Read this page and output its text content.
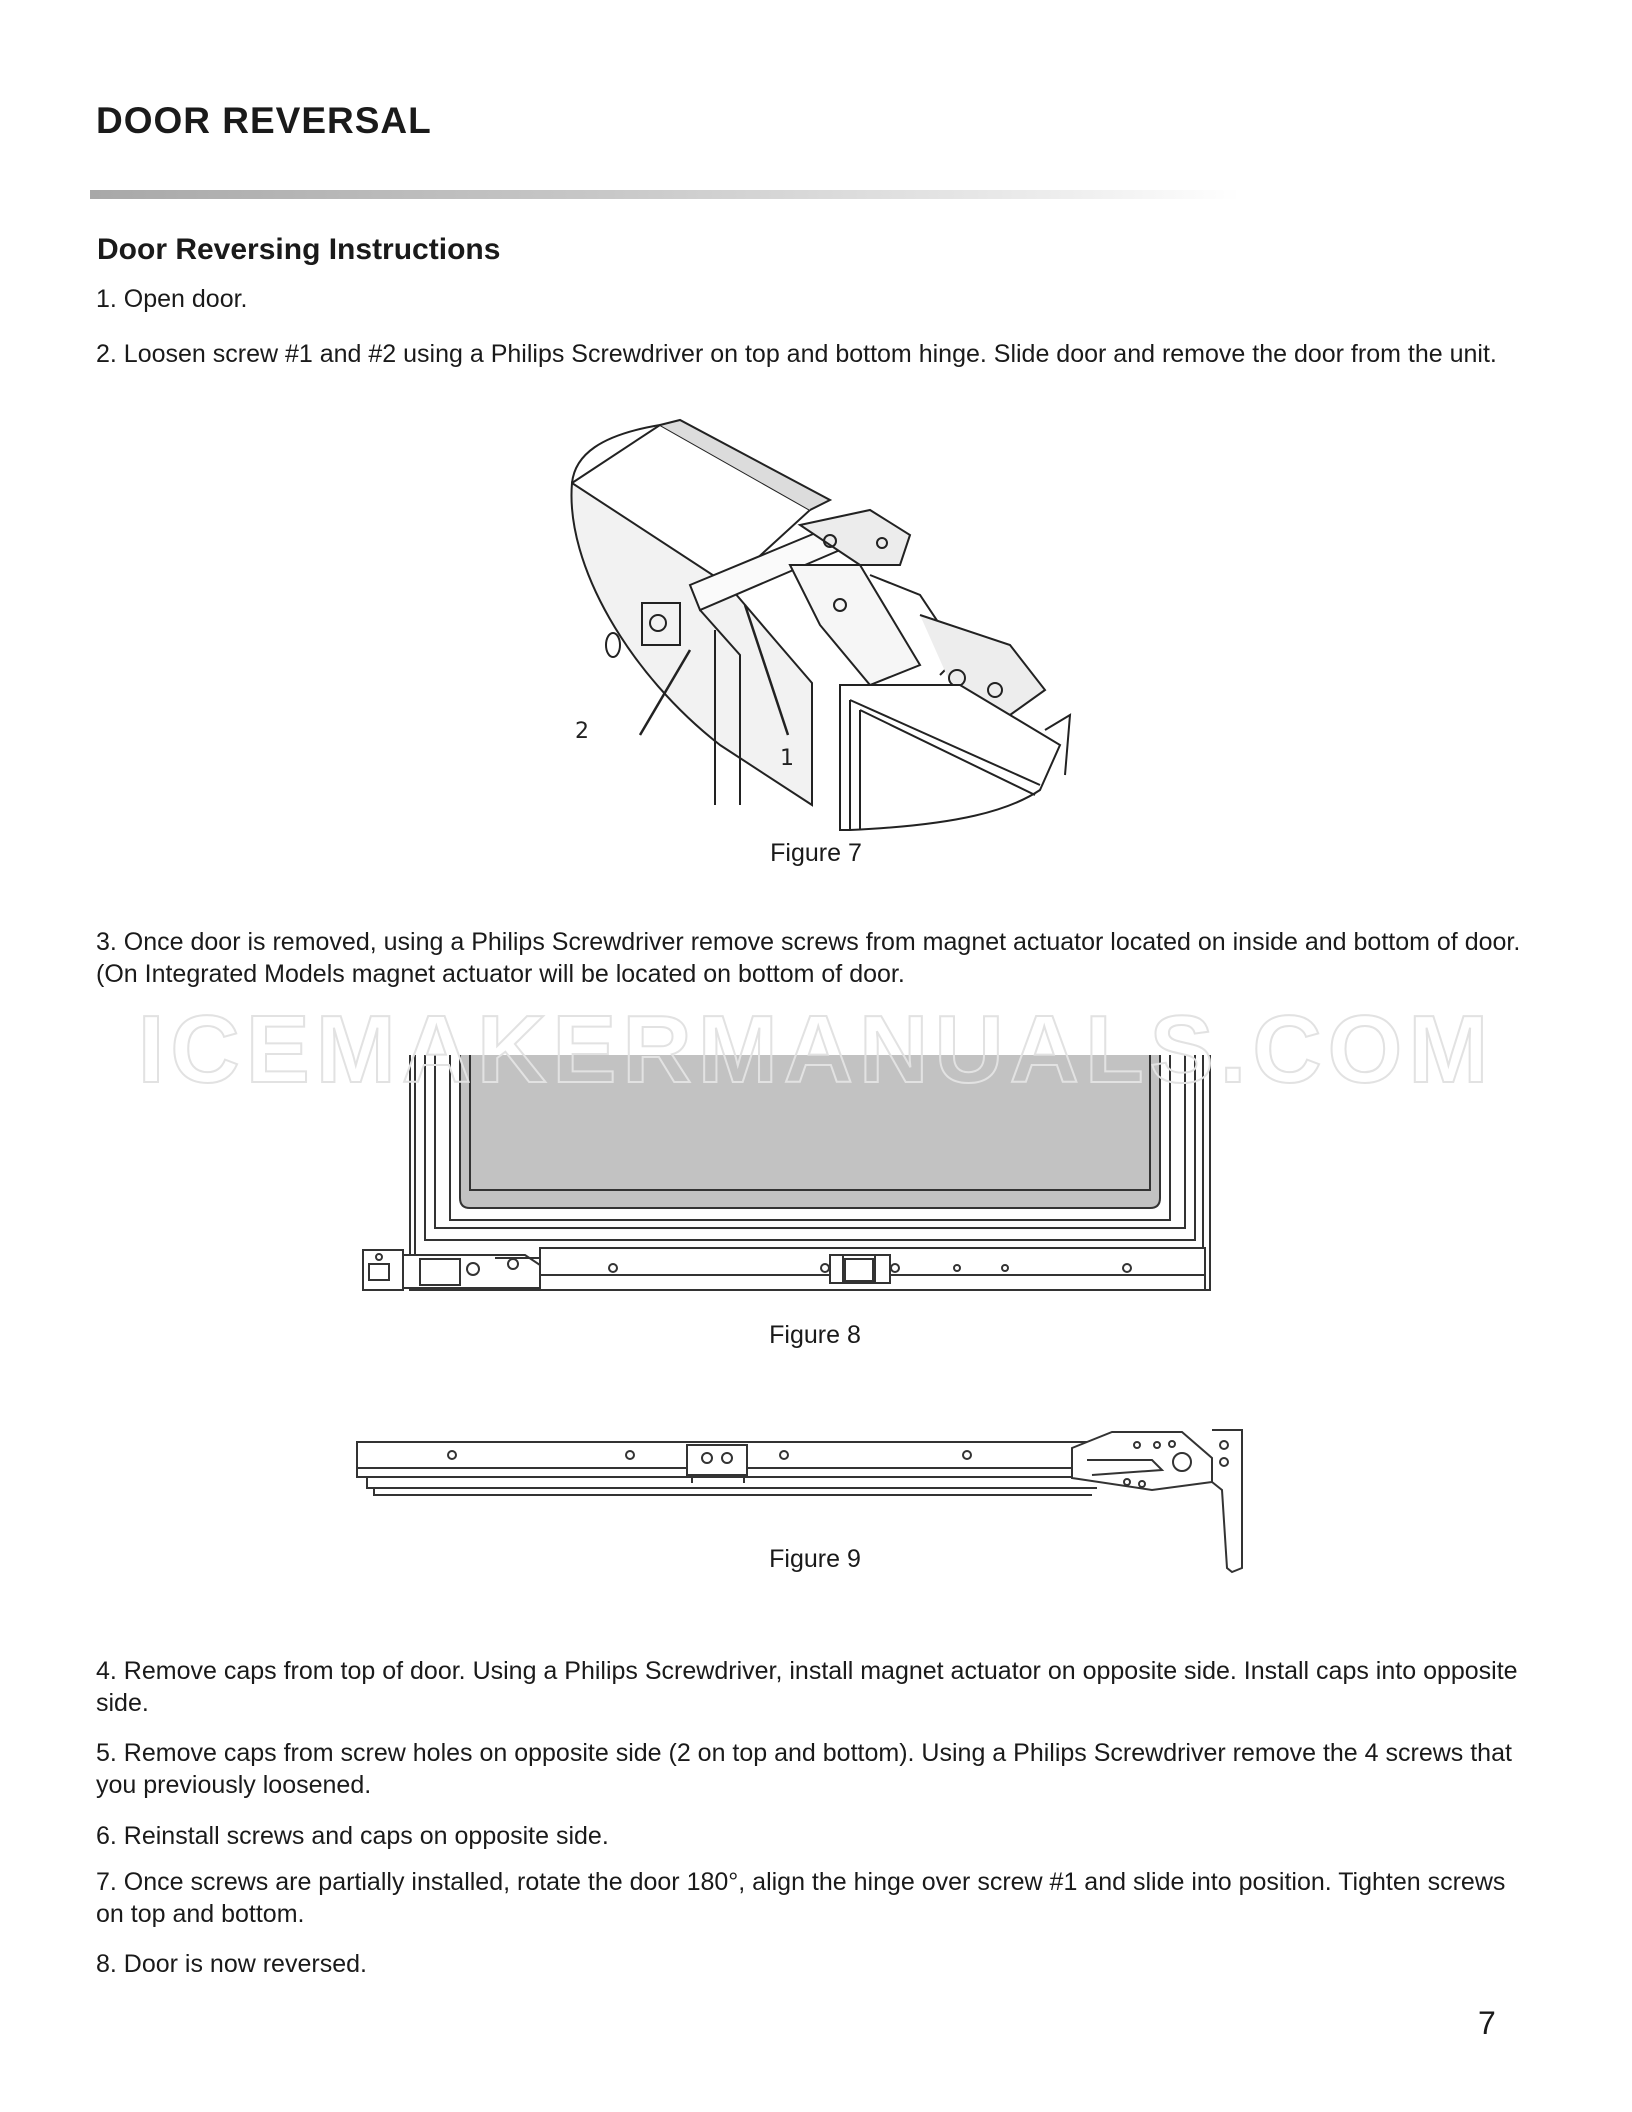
DOOR REVERSAL
Door Reversing Instructions
1. Open door.
2. Loosen screw #1 and #2 using a Philips Screwdriver on top and bottom hinge. Slide door and remove the door from the unit.
2
1
Figure 7
3. Once door is removed, using a Philips Screwdriver remove screws from magnet actuator located on inside and bottom of door. (On Integrated Models magnet actuator will be located on bottom of door.
Figure 8
Figure 9
4. Remove caps from top of door. Using a Philips Screwdriver, install magnet actuator on opposite side. Install caps into opposite side.
5. Remove caps from screw holes on opposite side (2 on top and bottom). Using a Philips Screwdriver remove the 4 screws that you previously loosened.
6. Reinstall screws and caps on opposite side.
7. Once screws are partially installed, rotate the door 180°, align the hinge over screw #1 and slide into position. Tighten screws on top and bottom.
8. Door is now reversed.
ICEMAKERMANUALS.COM
7
